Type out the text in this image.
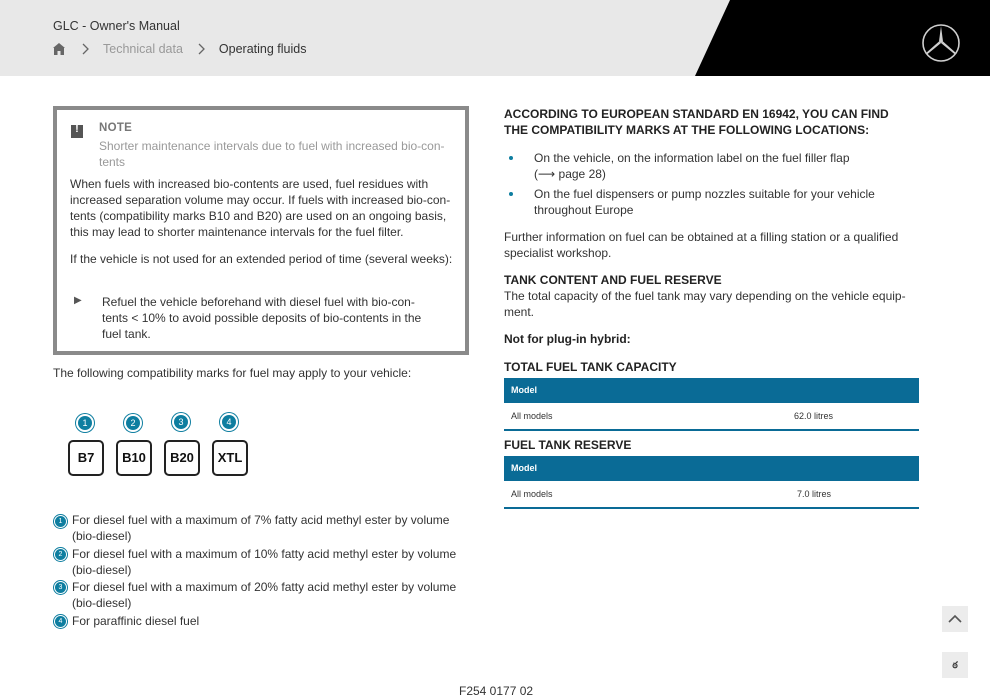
GLC - Owner's Manual
Technical data	Operating fluids
!
NOTE
Shorter maintenance intervals due to fuel with increased bio-con-tents
When fuels with increased bio-contents are used, fuel residues with increased separation volume may occur. If fuels with increased bio-con-tents (compatibility marks B10 and B20) are used on an ongoing basis, this may lead to shorter maintenance intervals for the fuel filter.
If the vehicle is not used for an extended period of time (several weeks):
▶ Refuel the vehicle beforehand with diesel fuel with bio-con-tents < 10% to avoid possible deposits of bio-contents in the fuel tank.
The following compatibility marks for fuel may apply to your vehicle:
1	2	3	4
B7	B10	B20	XTL
1 For diesel fuel with a maximum of 7% fatty acid methyl ester by volume (bio-diesel)
2 For diesel fuel with a maximum of 10% fatty acid methyl ester by volume (bio-diesel)
3 For diesel fuel with a maximum of 20% fatty acid methyl ester by volume (bio-diesel)
4 For paraffinic diesel fuel
ACCORDING TO EUROPEAN STANDARD EN 16942, YOU CAN FIND THE COMPATIBILITY MARKS AT THE FOLLOWING LOCATIONS:
On the vehicle, on the information label on the fuel filler flap
(⟶ page 28)
On the fuel dispensers or pump nozzles suitable for your vehicle throughout Europe
Further information on fuel can be obtained at a filling station or a qualified specialist workshop.
TANK CONTENT AND FUEL RESERVE
The total capacity of the fuel tank may vary depending on the vehicle equip-ment.
Not for plug-in hybrid:
TOTAL FUEL TANK CAPACITY
Model
All models	62.0 litres
FUEL TANK RESERVE
Model
All models	7.0 litres
F254 0177 02
ఠ
